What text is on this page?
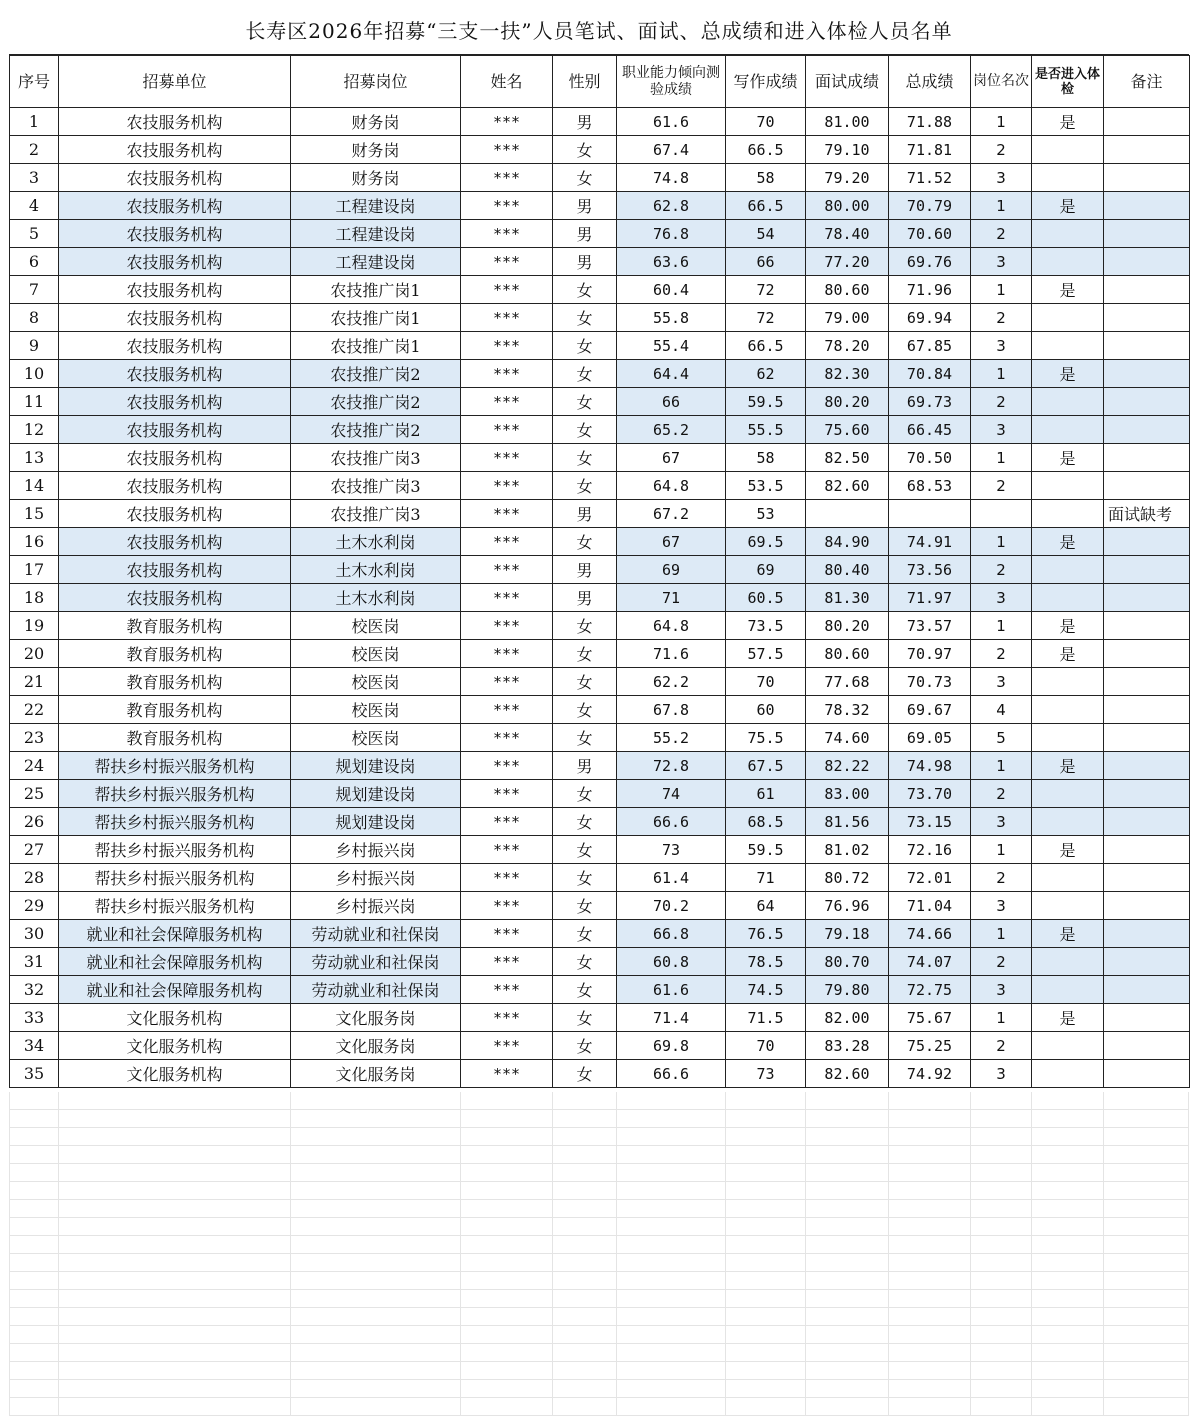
长寿区2026年招募“三支一扶”人员笔试、面试、总成绩和进入体检人员名单
序号	招募单位	招募岗位	姓名	性别	职业能力倾向测验成绩	写作成绩	面试成绩	总成绩	岗位名次	是否进入体检	备注
1	农技服务机构	财务岗	***	男	61.6	70	81.00	71.88	1	是	
2	农技服务机构	财务岗	***	女	67.4	66.5	79.10	71.81	2		
3	农技服务机构	财务岗	***	女	74.8	58	79.20	71.52	3		
4	农技服务机构	工程建设岗	***	男	62.8	66.5	80.00	70.79	1	是	
5	农技服务机构	工程建设岗	***	男	76.8	54	78.40	70.60	2		
6	农技服务机构	工程建设岗	***	男	63.6	66	77.20	69.76	3		
7	农技服务机构	农技推广岗1	***	女	60.4	72	80.60	71.96	1	是	
8	农技服务机构	农技推广岗1	***	女	55.8	72	79.00	69.94	2		
9	农技服务机构	农技推广岗1	***	女	55.4	66.5	78.20	67.85	3		
10	农技服务机构	农技推广岗2	***	女	64.4	62	82.30	70.84	1	是	
11	农技服务机构	农技推广岗2	***	女	66	59.5	80.20	69.73	2		
12	农技服务机构	农技推广岗2	***	女	65.2	55.5	75.60	66.45	3		
13	农技服务机构	农技推广岗3	***	女	67	58	82.50	70.50	1	是	
14	农技服务机构	农技推广岗3	***	女	64.8	53.5	82.60	68.53	2		
15	农技服务机构	农技推广岗3	***	男	67.2	53					面试缺考
16	农技服务机构	土木水利岗	***	女	67	69.5	84.90	74.91	1	是	
17	农技服务机构	土木水利岗	***	男	69	69	80.40	73.56	2		
18	农技服务机构	土木水利岗	***	男	71	60.5	81.30	71.97	3		
19	教育服务机构	校医岗	***	女	64.8	73.5	80.20	73.57	1	是	
20	教育服务机构	校医岗	***	女	71.6	57.5	80.60	70.97	2	是	
21	教育服务机构	校医岗	***	女	62.2	70	77.68	70.73	3		
22	教育服务机构	校医岗	***	女	67.8	60	78.32	69.67	4		
23	教育服务机构	校医岗	***	女	55.2	75.5	74.60	69.05	5		
24	帮扶乡村振兴服务机构	规划建设岗	***	男	72.8	67.5	82.22	74.98	1	是	
25	帮扶乡村振兴服务机构	规划建设岗	***	女	74	61	83.00	73.70	2		
26	帮扶乡村振兴服务机构	规划建设岗	***	女	66.6	68.5	81.56	73.15	3		
27	帮扶乡村振兴服务机构	乡村振兴岗	***	女	73	59.5	81.02	72.16	1	是	
28	帮扶乡村振兴服务机构	乡村振兴岗	***	女	61.4	71	80.72	72.01	2		
29	帮扶乡村振兴服务机构	乡村振兴岗	***	女	70.2	64	76.96	71.04	3		
30	就业和社会保障服务机构	劳动就业和社保岗	***	女	66.8	76.5	79.18	74.66	1	是	
31	就业和社会保障服务机构	劳动就业和社保岗	***	女	60.8	78.5	80.70	74.07	2		
32	就业和社会保障服务机构	劳动就业和社保岗	***	女	61.6	74.5	79.80	72.75	3		
33	文化服务机构	文化服务岗	***	女	71.4	71.5	82.00	75.67	1	是	
34	文化服务机构	文化服务岗	***	女	69.8	70	83.28	75.25	2		
35	文化服务机构	文化服务岗	***	女	66.6	73	82.60	74.92	3		
